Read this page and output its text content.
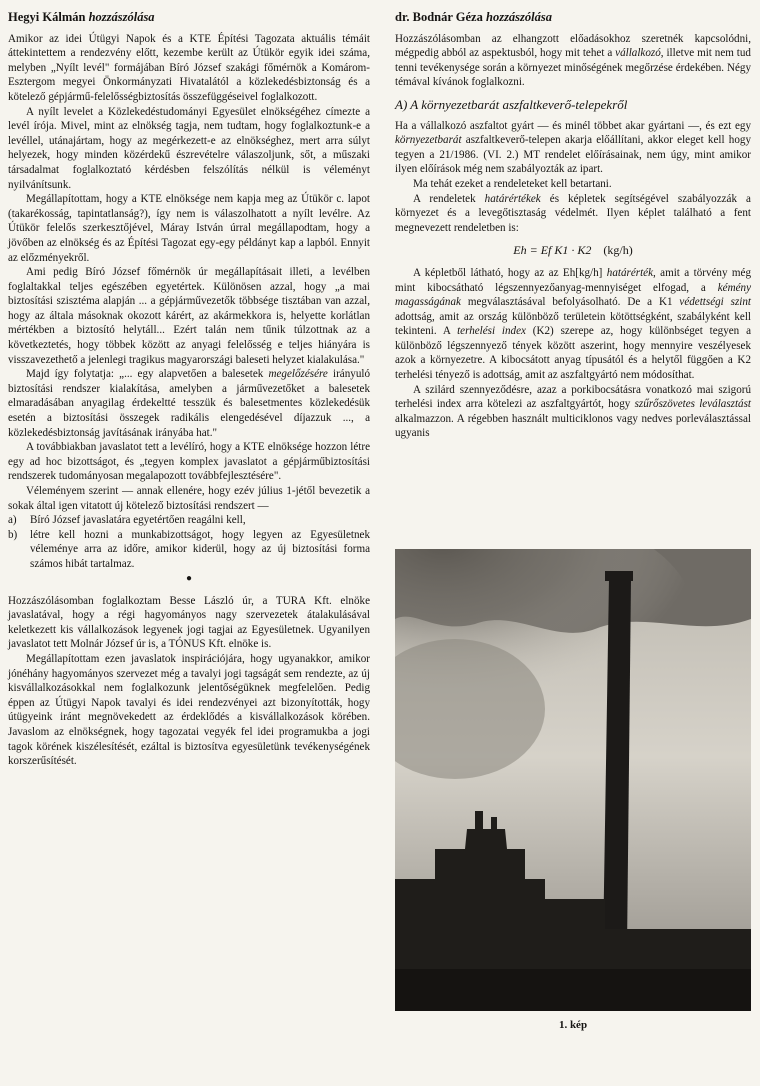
Hegyi Kálmán hozzászólása

Amikor az idei Útügyi Napok és a KTE Építési Tagozata aktuális témáit áttekintettem a rendezvény előtt, kezembe került az Útükör egyik idei száma, melyben „Nyílt levél" formájában Bíró József szakági főmérnök a Komárom-Esztergom megyei Önkormányzati Hivatalától a közlekedésbiztonság és a kötelező gépjármű-felelősségbiztosítás összefüggéseivel foglalkozott.

A nyílt levelet a Közlekedéstudományi Egyesület elnökségéhez címezte a levél írója. Mivel, mint az elnökség tagja, nem tudtam, hogy foglalkoztunk-e a levéllel, utánajártam, hogy az megérkezett-e az elnökséghez, mert arra súlyt helyezek, hogy minden közérdekű észrevételre válaszoljunk, sőt, a műszaki társadalmat foglalkoztató kérdésben felszólítás nélkül is véleményt nyilvánítsunk.

Megállapítottam, hogy a KTE elnöksége nem kapja meg az Útükör c. lapot (takarékosság, tapintatlanság?), így nem is válaszolhatott a nyílt levélre. Az Útükör felelős szerkesztőjével, Máray István úrral megállapodtam, hogy a jövőben az elnökség és az Építési Tagozat egy-egy példányt kap a lapból. Ennyit az előzményekről.

Ami pedig Bíró József főmérnök úr megállapításait illeti, a levélben foglaltakkal teljes egészében egyetértek. Különösen azzal, hogy „a mai biztosítási szisztéma alapján ... a gépjárművezetők többsége tisztában van azzal, hogy az általa másoknak okozott kárért, az akármekkora is, helyette korlátlan mértékben a biztosító helytáll... Ezért talán nem tűnik túlzottnak az a következtetés, hogy többek között az anyagi felelősség e teljes hiányára is visszavezethető a jelenlegi tragikus magyarországi baleseti helyzet kialakulása."

Majd így folytatja: „... egy alapvetően a balesetek megelőzésére irányuló biztosítási rendszer kialakítása, amelyben a járművezetőket a balesetek elmaradásában anyagilag érdekeltté tesszük és balesetmentes közlekedésük esetén a biztosítási összegek radikális elengedésével díjazzuk ..., a közlekedésbiztonság javításának irányába hat."

A továbbiakban javaslatot tett a levélíró, hogy a KTE elnöksége hozzon létre egy ad hoc bizottságot, és „tegyen komplex javaslatot a gépjárműbiztosítási rendszerek tudományosan megalapozott továbbfejlesztésére".

Véleményem szerint — annak ellenére, hogy ezév július 1-jétől bevezetik a sokak által igen vitatott új kötelező biztosítási rendszert —

a) Bíró József javaslatára egyetértően reagálni kell,
b) létre kell hozni a munkabizottságot, hogy legyen az Egyesületnek véleménye arra az időre, amikor kiderül, hogy az új biztosítási forma számos hibát tartalmaz.
●

Hozzászólásomban foglalkoztam Besse László úr, a TURA Kft. elnöke javaslatával, hogy a régi hagyományos nagy szervezetek átalakulásával keletkezett kis vállalkozások legyenek jogi tagjai az Egyesületnek. Ugyanilyen javaslatot tett Molnár József úr is, a TÓNUS Kft. elnöke is.

Megállapítottam ezen javaslatok inspirációjára, hogy ugyanakkor, amikor jónéhány hagyományos szervezet még a tavalyi jogi tagságát sem rendezte, az új kisvállalkozásokkal nem foglalkozunk jelentőségüknek megfelelően. Pedig éppen az Útügyi Napok tavalyi és idei rendezvényei azt bizonyították, hogy útügyeink iránt megnövekedett az érdeklődés a kisvállalkozások körében. Javaslom az elnökségnek, hogy tagozatai vegyék fel idei programukba a jogi tagok körének kiszélesítését, ezáltal is biztosítva egyesületünk tevékenységének korszerűsítését.

dr. Bodnár Géza hozzászólása

Hozzászólásomban az elhangzott előadásokhoz szeretnék kapcsolódni, mégpedig abból az aspektusból, hogy mit tehet a vállalkozó, illetve mit nem tud tenni tevékenysége során a környezet minőségének megőrzése érdekében. Négy témával kívánok foglalkozni.

A) A környezetbarát aszfaltkeverő-telepekről

Ha a vállalkozó aszfaltot gyárt — és minél többet akar gyártani —, és ezt egy környezetbarát aszfaltkeverő-telepen akarja előállítani, akkor eleget kell hogy tegyen a 21/1986. (VI. 2.) MT rendelet előírásainak, nem úgy, mint amikor ilyen előírások még nem szabályozták az ipart.

Ma tehát ezeket a rendeleteket kell betartani.

A rendeletek határértékek és képletek segítségével szabályozzák a környezet és a levegőtisztaság védelmét. Ilyen képlet található a fent megnevezett rendeletben is:

Eh = Ef K1 · K2 (kg/h)

A képletből látható, hogy az az Eh[kg/h] határérték, amit a törvény még mint kibocsátható légszennyezőanyag-mennyiséget elfogad, a kémény magasságának megválasztásával befolyásolható. De a K1 védettségi szint adottság, amit az ország különböző területein kötöttségként, szabályként kell tekinteni. A terhelési index (K2) szerepe az, hogy különbséget tegyen a különböző légszennyező tények között aszerint, hogy mennyire veszélyesek azok a környezetre. A kibocsátott anyag típusától és a helytől függően a K2 terhelési tényező is adottság, amit az aszfaltgyártó nem módosíthat.

A szilárd szennyeződésre, azaz a porkibocsátásra vonatkozó mai szigorú terhelési index arra kötelezi az aszfaltgyártót, hogy szűrőszövetes leválasztást alkalmazzon. A régebben használt multiciklonos vagy nedves porleválasztással ugyanis

1. kép
